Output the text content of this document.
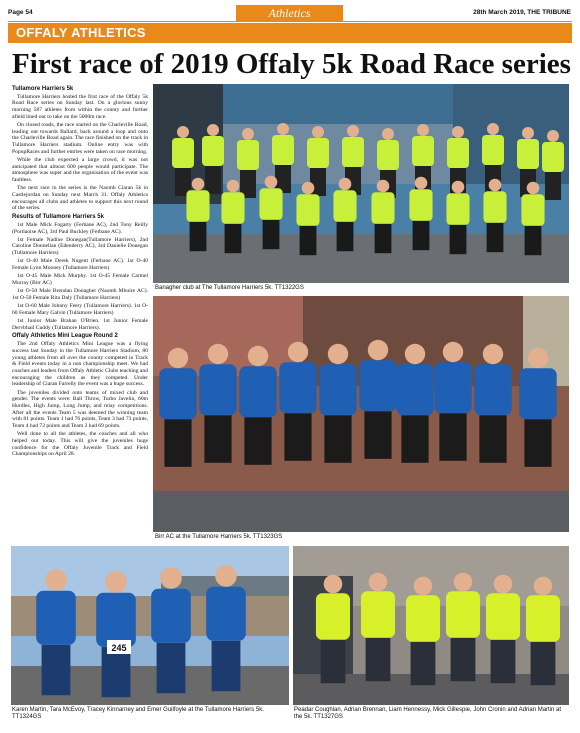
Page 54	Athletics	28th March 2019, THE TRIBUNE
OFFALY ATHLETICS
First race of 2019 Offaly 5k Road Race series
Tullamore Harriers 5k

Tullamore Harriers hosted the first race of the Offaly 5k Road Race series on Sunday last. On a glorious sunny morning 587 athletes from within the county and further afield lined out to take on the 5000m race.

On closed roads, the race started on the Charleville Road, leading out towards Ballard, back around a loop and onto the Charleville Road again. The race finished on the track in Tullamore Harriers stadium. Online entry was with PopupRaces and further entries were taken on race morning.

While the club expected a large crowd, it was not anticipated that almost 600 people would participate. The atmosphere was super and the organisation of the event was faultless.

The next race in the series is the Naomh Ciaran 5k in Castlejordan on Sunday next March 31. Offaly Athletics encourages all clubs and athletes to support this next round of the series.

Results of Tullamore Harriers 5k

1st Male Mick Fogarty (Ferbane AC), 2nd Tony Reilly (Portlaoise AC), 3rd Paul Buckley (Ferbane AC).

1st Female Nadine Donegan(Tullamore Harriers), 2nd Caroline Donnellan (Edenderry AC), 3rd Danielle Donegan (Tullamore Harriers)

1st O-40 Male Derek Nugent (Ferbane AC). 1st O-40 Female Lynn Mooney (Tullamore Harriers)

1st O-45 Male Mick Murphy. 1st O-45 Female Carmel Murray (Birr AC)

1st O-50 Male Brendan Donagher (Naomh Mhuire AC). 1st O-50 Female Rita Daly (Tullamore Harriers)

1st O-60 Male Johnny Feery (Tullamore Harriers). 1st O-60 Female Mary Galvin (Tullamore Harriers)

1st Junior Male Brahan O'Brien. 1st Junior Female Dervbhail Cuddy (Tullamore Harriers).

Offaly Athletics Mini League Round 2

The 2nd Offaly Athletics Mini League was a flying success last Sunday in the Tullamore Harriers Stadium, 80 young athletes from all over the county competed in Track & Field events today in a non championship meet. We had coaches and leaders from Offaly Athletic Clubs teaching and encouraging the children as they competed. Under leadership of Ciaran Farrelly the event was a huge success.

The juveniles divided onto teams of mixed club and gender. The events were: Ball Throw, Turbo Javelin, 60m Hurdles, High Jump, Long Jump, and relay competitions. After all the events Team 5 was deemed the winning team with 81 points. Team 1 had 76 points, Team 3 had 73 points, Team 4 had 72 points and Team 2 had 69 points.

Well done to all the athletes, the coaches and all who helped out today. This will give the juveniles huge confidence for the Offaly Juvenile Track and Field Championships on April 28.

Banagher club at The Tullamore Harriers 5k. TT1322GS
Birr AC at the Tullamore Harriers 5k. TT1323GS
245
Karen Martin, Tara McEvoy, Tracey Kinnarney and Emer Guilfoyle at the Tullamore Harriers 5k. TT1324GS
Peadar Coughlan, Adrian Brennan, Liam Hennessy, Mick Gillespie, John Cronin and Adrian Martin at the 5k. TT1327GS
